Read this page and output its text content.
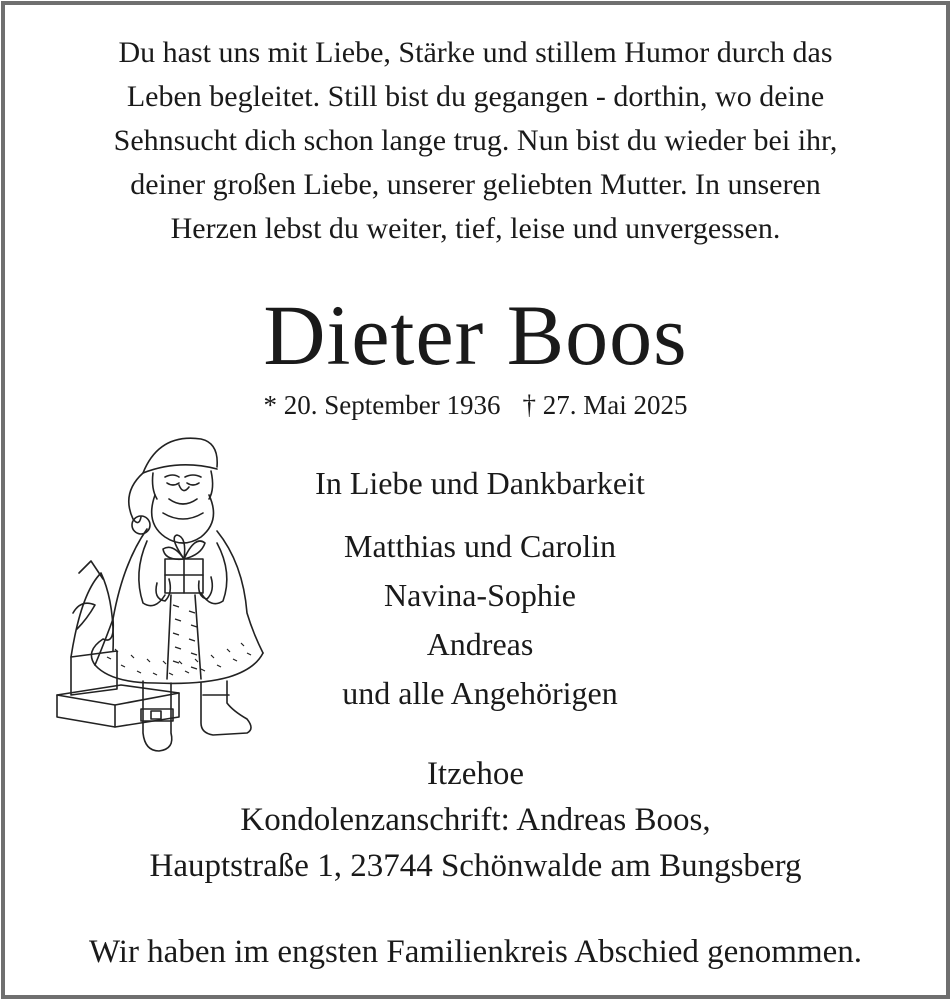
Du hast uns mit Liebe, Stärke und stillem Humor durch das
Leben begleitet. Still bist du gegangen - dorthin, wo deine
Sehnsucht dich schon lange trug. Nun bist du wieder bei ihr,
deiner großen Liebe, unserer geliebten Mutter. In unseren
Herzen lebst du weiter, tief, leise und unvergessen.
Dieter Boos
* 20. September 1936 † 27. Mai 2025
In Liebe und Dankbarkeit
Matthias und Carolin
Navina-Sophie
Andreas
und alle Angehörigen
Itzehoe
Kondolenzanschrift: Andreas Boos,
Hauptstraße 1, 23744 Schönwalde am Bungsberg
Wir haben im engsten Familienkreis Abschied genommen.
